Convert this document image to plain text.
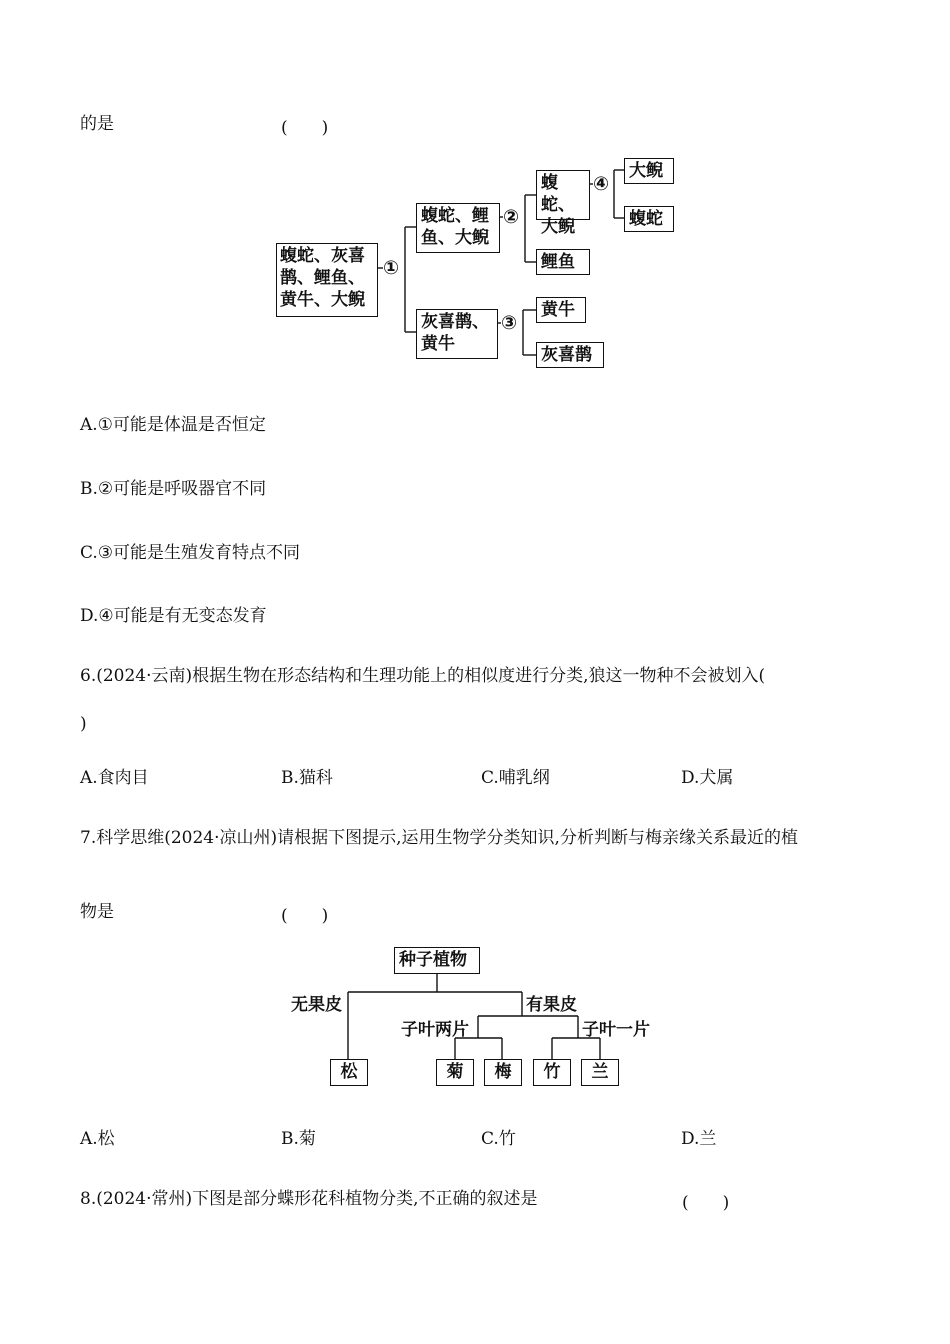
的是	(　　)
蝮蛇、灰喜
鹊、鲤鱼、
黄牛、大鲵
①
蝮蛇、鲤
鱼、大鲵
②
蝮蛇、
大鲵
④
大鲵
蝮蛇
鲤鱼
灰喜鹊、
黄牛
③
黄牛
灰喜鹊
A.①可能是体温是否恒定
B.②可能是呼吸器官不同
C.③可能是生殖发育特点不同
D.④可能是有无变态发育
6.(2024·云南)根据生物在形态结构和生理功能上的相似度进行分类,狼这一物种不会被划入(
)
A.食肉目	B.猫科	C.哺乳纲	D.犬属
7.科学思维(2024·凉山州)请根据下图提示,运用生物学分类知识,分析判断与梅亲缘关系最近的植
物是	(　　)
种子植物
无果皮	有果皮
子叶两片	子叶一片
松	菊	梅	竹	兰
A.松	B.菊	C.竹	D.兰
8.(2024·常州)下图是部分蝶形花科植物分类,不正确的叙述是	(　　)
